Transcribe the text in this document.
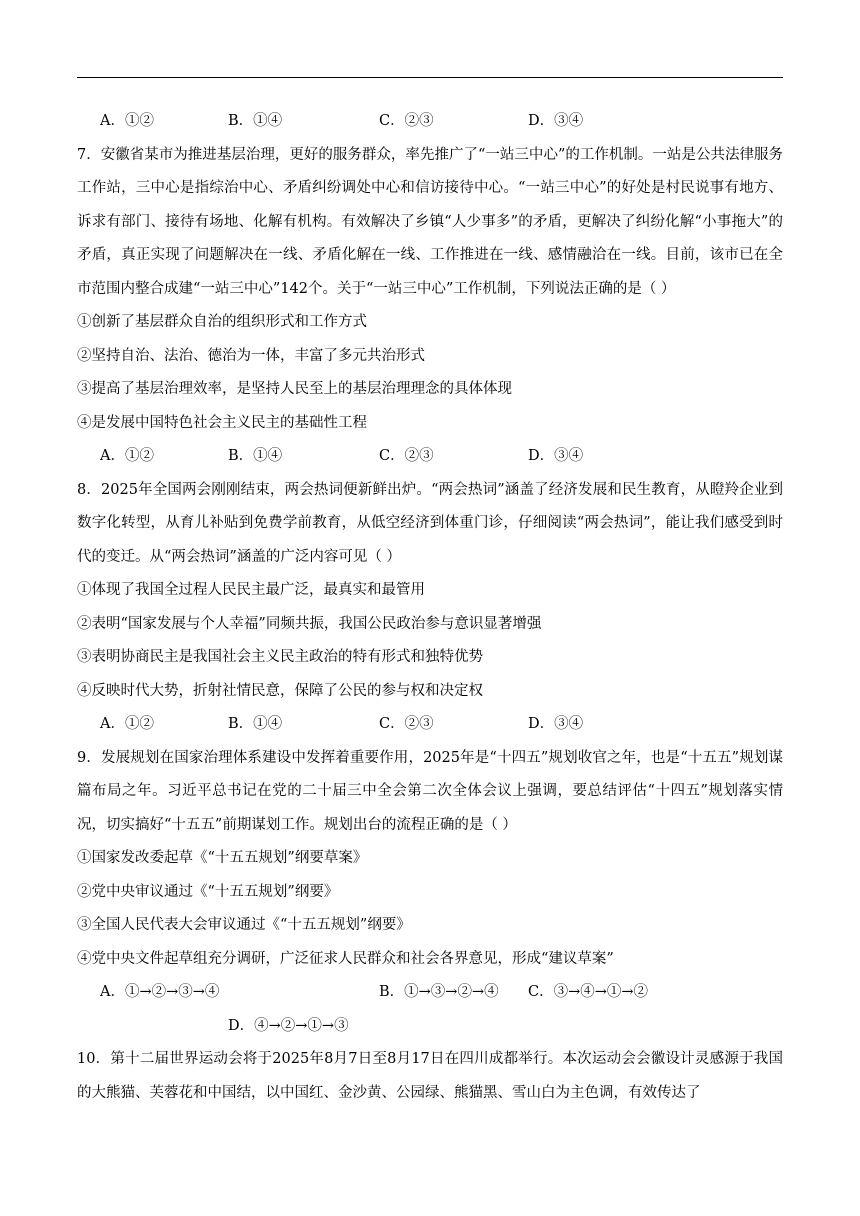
A．①②	B．①④	C．②③	D．③④
7．安徽省某市为推进基层治理，更好的服务群众，率先推广了“一站三中心”的工作机制。一站是公共法律服务工作站，三中心是指综治中心、矛盾纠纷调处中心和信访接待中心。“一站三中心”的好处是村民说事有地方、诉求有部门、接待有场地、化解有机构。有效解决了乡镇“人少事多”的矛盾，更解决了纠纷化解“小事拖大”的矛盾，真正实现了问题解决在一线、矛盾化解在一线、工作推进在一线、感情融洽在一线。目前，该市已在全市范围内整合成建“一站三中心”142个。关于“一站三中心”工作机制，下列说法正确的是（ ）
①创新了基层群众自治的组织形式和工作方式
②坚持自治、法治、德治为一体，丰富了多元共治形式
③提高了基层治理效率，是坚持人民至上的基层治理理念的具体体现
④是发展中国特色社会主义民主的基础性工程
A．①②	B．①④	C．②③	D．③④
8．2025年全国两会刚刚结束，两会热词便新鲜出炉。“两会热词”涵盖了经济发展和民生教育，从瞪羚企业到数字化转型，从育儿补贴到免费学前教育，从低空经济到体重门诊，仔细阅读“两会热词”，能让我们感受到时代的变迁。从“两会热词”涵盖的广泛内容可见（ ）
①体现了我国全过程人民民主最广泛，最真实和最管用
②表明“国家发展与个人幸福”同频共振，我国公民政治参与意识显著增强
③表明协商民主是我国社会主义民主政治的特有形式和独特优势
④反映时代大势，折射社情民意，保障了公民的参与权和决定权
A．①②	B．①④	C．②③	D．③④
9．发展规划在国家治理体系建设中发挥着重要作用，2025年是“十四五”规划收官之年，也是“十五五”规划谋篇布局之年。习近平总书记在党的二十届三中全会第二次全体会议上强调，要总结评估“十四五”规划落实情况，切实搞好“十五五”前期谋划工作。规划出台的流程正确的是（ ）
①国家发改委起草《“十五五规划”纲要草案》
②党中央审议通过《“十五五规划”纲要》
③全国人民代表大会审议通过《“十五五规划”纲要》
④党中央文件起草组充分调研，广泛征求人民群众和社会各界意见，形成“建议草案”
A．①→②→③→④	B．①→③→②→④ C．③→④→①→②
D．④→②→①→③
10．第十二届世界运动会将于2025年8月7日至8月17日在四川成都举行。本次运动会会徽设计灵感源于我国的大熊猫、芙蓉花和中国结，以中国红、金沙黄、公园绿、熊猫黑、雪山白为主色调，有效传达了
